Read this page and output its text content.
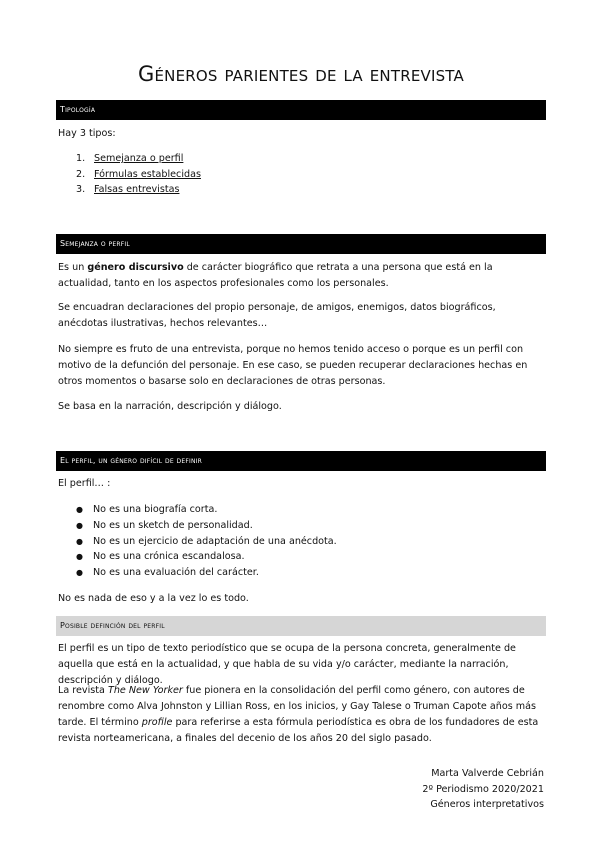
Géneros parientes de la entrevista
Tipología

Hay 3 tipos:

1. Semejanza o perfil
2. Fórmulas establecidas
3. Falsas entrevistas
Semejanza o perfil

Es un género discursivo de carácter biográfico que retrata a una persona que está en la actualidad, tanto en los aspectos profesionales como los personales.

Se encuadran declaraciones del propio personaje, de amigos, enemigos, datos biográficos, anécdotas ilustrativas, hechos relevantes…

No siempre es fruto de una entrevista, porque no hemos tenido acceso o porque es un perfil con motivo de la defunción del personaje. En ese caso, se pueden recuperar declaraciones hechas en otros momentos o basarse solo en declaraciones de otras personas.

Se basa en la narración, descripción y diálogo.

El perfil, un género difícil de definir

El perfil… :

● No es una biografía corta.
● No es un sketch de personalidad.
● No es un ejercicio de adaptación de una anécdota.
● No es una crónica escandalosa.
● No es una evaluación del carácter.

No es nada de eso y a la vez lo es todo.

Posible definción del perfil

El perfil es un tipo de texto periodístico que se ocupa de la persona concreta, generalmente de aquella que está en la actualidad, y que habla de su vida y/o carácter, mediante la narración, descripción y diálogo.

La revista The New Yorker fue pionera en la consolidación del perfil como género, con autores de renombre como Alva Johnston y Lillian Ross, en los inicios, y Gay Talese o Truman Capote años más tarde. El término profile para referirse a esta fórmula periodística es obra de los fundadores de esta revista norteamericana, a finales del decenio de los años 20 del siglo pasado.

Marta Valverde Cebrián
2º Periodismo 2020/2021
Géneros interpretativos
